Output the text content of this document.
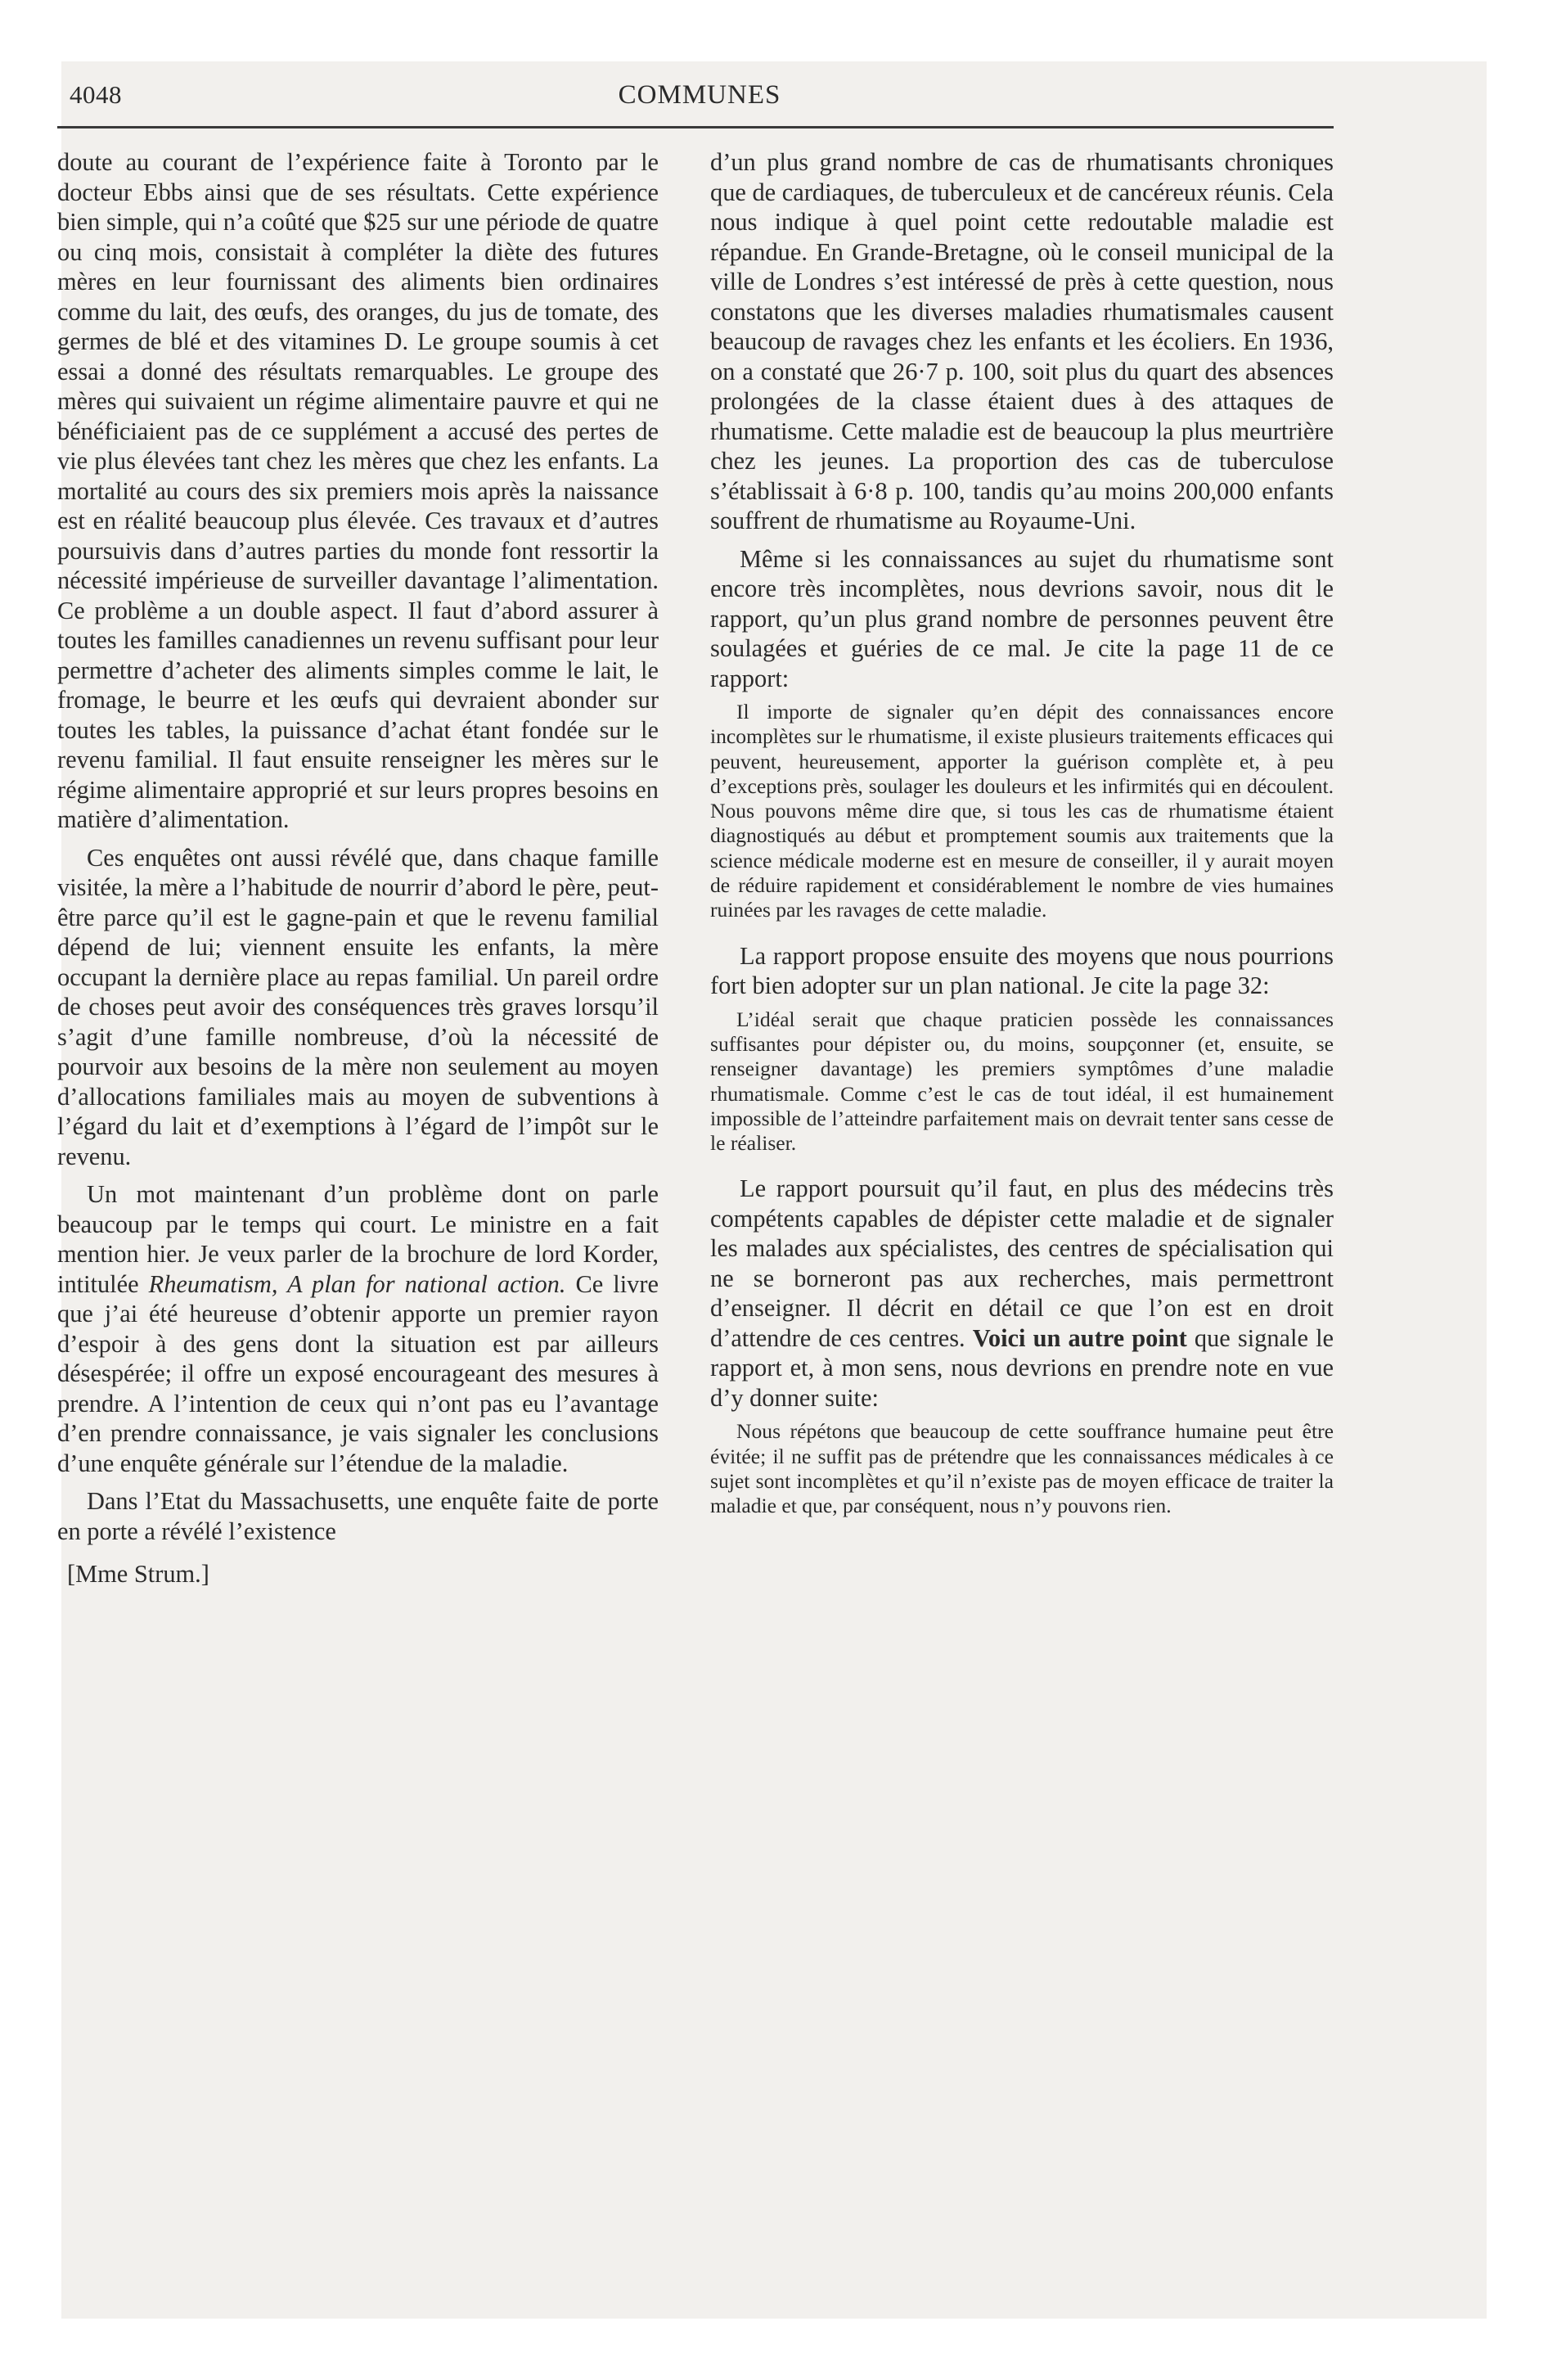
4048	COMMUNES

doute au courant de l’expérience faite à Toronto par le docteur Ebbs ainsi que de ses résultats. Cette expérience bien simple, qui n’a coûté que $25 sur une période de quatre ou cinq mois, consistait à compléter la diète des futures mères en leur fournissant des aliments bien ordinaires comme du lait, des œufs, des oranges, du jus de tomate, des germes de blé et des vitamines D. Le groupe soumis à cet essai a donné des résultats remarquables. Le groupe des mères qui suivaient un régime alimentaire pauvre et qui ne bénéficiaient pas de ce supplément a accusé des pertes de vie plus élevées tant chez les mères que chez les enfants. La mortalité au cours des six premiers mois après la naissance est en réalité beaucoup plus élevée. Ces travaux et d’autres poursuivis dans d’autres parties du monde font ressortir la nécessité impérieuse de surveiller davantage l’alimentation. Ce problème a un double aspect. Il faut d’abord assurer à toutes les familles canadiennes un revenu suffisant pour leur permettre d’acheter des aliments simples comme le lait, le fromage, le beurre et les œufs qui devraient abonder sur toutes les tables, la puissance d’achat étant fondée sur le revenu familial. Il faut ensuite renseigner les mères sur le régime alimentaire approprié et sur leurs propres besoins en matière d’alimentation.

Ces enquêtes ont aussi révélé que, dans chaque famille visitée, la mère a l’habitude de nourrir d’abord le père, peut-être parce qu’il est le gagne-pain et que le revenu familial dépend de lui; viennent ensuite les enfants, la mère occupant la dernière place au repas familial. Un pareil ordre de choses peut avoir des conséquences très graves lorsqu’il s’agit d’une famille nombreuse, d’où la nécessité de pourvoir aux besoins de la mère non seulement au moyen d’allocations familiales mais au moyen de subventions à l’égard du lait et d’exemptions à l’égard de l’impôt sur le revenu.

Un mot maintenant d’un problème dont on parle beaucoup par le temps qui court. Le ministre en a fait mention hier. Je veux parler de la brochure de lord Korder, intitulée Rheumatism, A plan for national action. Ce livre que j’ai été heureuse d’obtenir apporte un premier rayon d’espoir à des gens dont la situation est par ailleurs désespérée; il offre un exposé encourageant des mesures à prendre. A l’intention de ceux qui n’ont pas eu l’avantage d’en prendre connaissance, je vais signaler les conclusions d’une enquête générale sur l’étendue de la maladie.

Dans l’Etat du Massachusetts, une enquête faite de porte en porte a révélé l’existence

[Mme Strum.]

d’un plus grand nombre de cas de rhumatisants chroniques que de cardiaques, de tuberculeux et de cancéreux réunis. Cela nous indique à quel point cette redoutable maladie est répandue. En Grande-Bretagne, où le conseil municipal de la ville de Londres s’est intéressé de près à cette question, nous constatons que les diverses maladies rhumatismales causent beaucoup de ravages chez les enfants et les écoliers. En 1936, on a constaté que 26·7 p. 100, soit plus du quart des absences prolongées de la classe étaient dues à des attaques de rhumatisme. Cette maladie est de beaucoup la plus meurtrière chez les jeunes. La proportion des cas de tuberculose s’établissait à 6·8 p. 100, tandis qu’au moins 200,000 enfants souffrent de rhumatisme au Royaume-Uni.

Même si les connaissances au sujet du rhumatisme sont encore très incomplètes, nous devrions savoir, nous dit le rapport, qu’un plus grand nombre de personnes peuvent être soulagées et guéries de ce mal. Je cite la page 11 de ce rapport:

Il importe de signaler qu’en dépit des connaissances encore incomplètes sur le rhumatisme, il existe plusieurs traitements efficaces qui peuvent, heureusement, apporter la guérison complète et, à peu d’exceptions près, soulager les douleurs et les infirmités qui en découlent. Nous pouvons même dire que, si tous les cas de rhumatisme étaient diagnostiqués au début et promptement soumis aux traitements que la science médicale moderne est en mesure de conseiller, il y aurait moyen de réduire rapidement et considérablement le nombre de vies humaines ruinées par les ravages de cette maladie.

La rapport propose ensuite des moyens que nous pourrions fort bien adopter sur un plan national. Je cite la page 32:

L’idéal serait que chaque praticien possède les connaissances suffisantes pour dépister ou, du moins, soupçonner (et, ensuite, se renseigner davantage) les premiers symptômes d’une maladie rhumatismale. Comme c’est le cas de tout idéal, il est humainement impossible de l’atteindre parfaitement mais on devrait tenter sans cesse de le réaliser.

Le rapport poursuit qu’il faut, en plus des médecins très compétents capables de dépister cette maladie et de signaler les malades aux spécialistes, des centres de spécialisation qui ne se borneront pas aux recherches, mais permettront d’enseigner. Il décrit en détail ce que l’on est en droit d’attendre de ces centres. Voici un autre point que signale le rapport et, à mon sens, nous devrions en prendre note en vue d’y donner suite:

Nous répétons que beaucoup de cette souffrance humaine peut être évitée; il ne suffit pas de prétendre que les connaissances médicales à ce sujet sont incomplètes et qu’il n’existe pas de moyen efficace de traiter la maladie et que, par conséquent, nous n’y pouvons rien.
